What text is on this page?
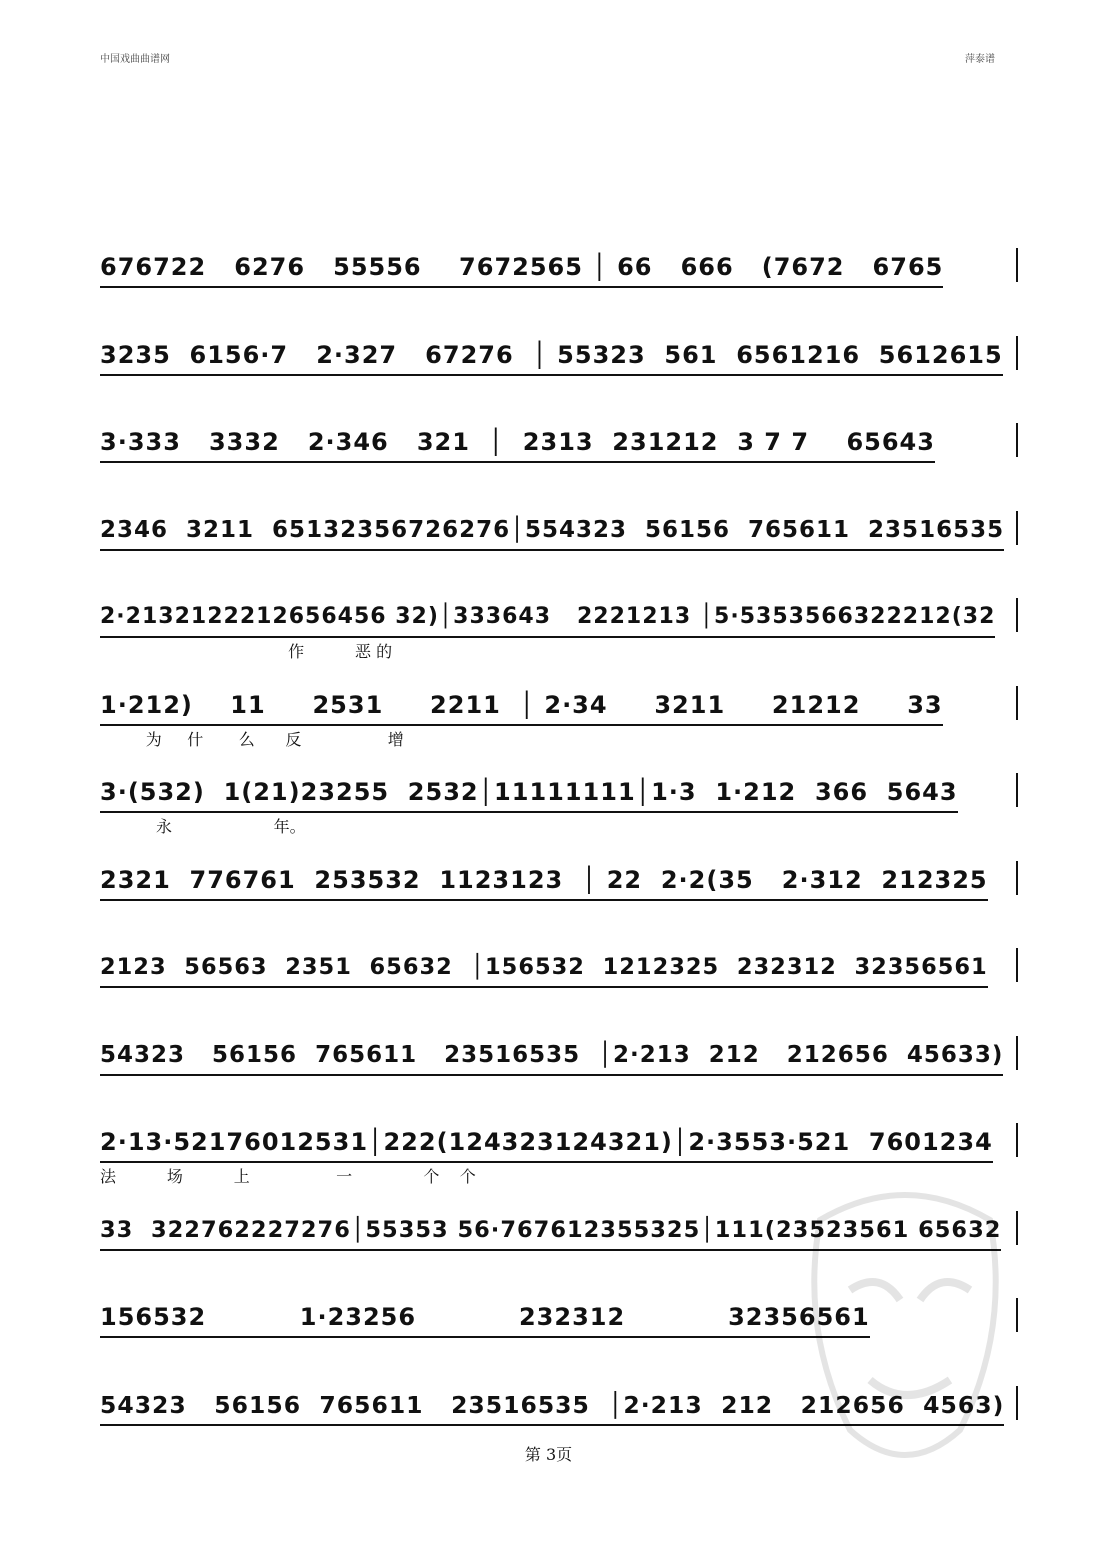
中国戏曲曲谱网	萍泰谱
676722   6276   55556    7672565 │ 66   666   (7672   6765
3235  6156·7   2·327   67276  │ 55323  561  6561216  5612615
3·333   3332   2·346   321  │  2313  231212  3 7 7    65643
2346  3211  65132356726276│554323  56156  765611  23516535
2·2132122212656456 32)│333643   2221213 │5·5353566322212(32
作          恶 的
1·212)    11     2531     2211  │ 2·34     3211     21212     33
为     什       么      反                 增
3·(532)  1(21)23255  2532│11111111│1·3  1·212  366  5643
永                    年。
2321  776761  253532  1123123  │ 22  2·2(35   2·312  212325
2123  56563  2351  65632  │156532  1212325  232312  32356561
54323   56156  765611   23516535  │2·213  212   212656  45633)
2·13·52176012531│222(124323124321)│2·3553·521  7601234
法          场          上                 一              个    个
33  322762227276│55353 56·767612355325│111(23523561 65632
156532          1·23256           232312           32356561
54323   56156  765611   23516535  │2·213  212   212656  4563)
第 3页
